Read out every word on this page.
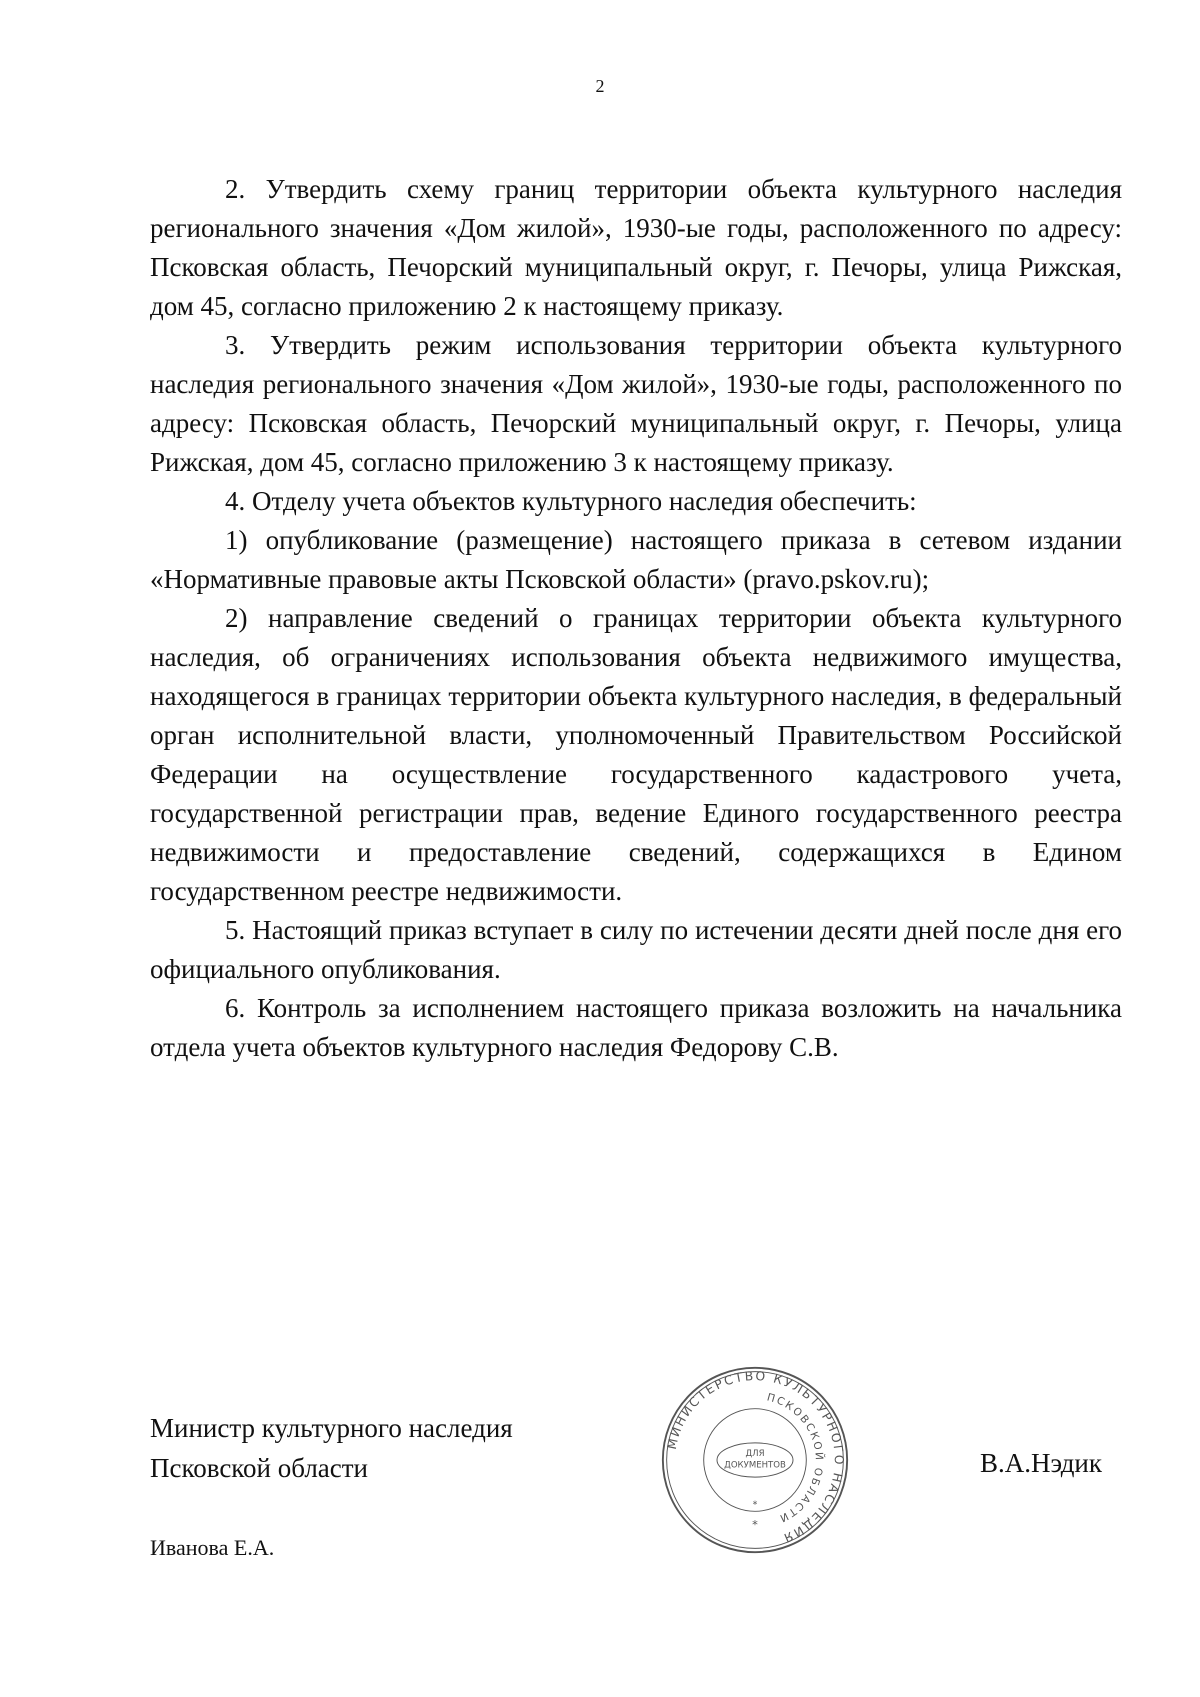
2

2. Утвердить схему границ территории объекта культурного наследия регионального значения «Дом жилой», 1930-ые годы, расположенного по адресу: Псковская область, Печорский муниципальный округ, г. Печоры, улица Рижская, дом 45, согласно приложению 2 к настоящему приказу.

3. Утвердить режим использования территории объекта культурного наследия регионального значения «Дом жилой», 1930-ые годы, расположенного по адресу: Псковская область, Печорский муниципальный округ, г. Печоры, улица Рижская, дом 45, согласно приложению 3 к настоящему приказу.

4. Отделу учета объектов культурного наследия обеспечить:

1) опубликование (размещение) настоящего приказа в сетевом издании «Нормативные правовые акты Псковской области» (pravo.pskov.ru);

2) направление сведений о границах территории объекта культурного наследия, об ограничениях использования объекта недвижимого имущества, находящегося в границах территории объекта культурного наследия, в федеральный орган исполнительной власти, уполномоченный Правительством Российской Федерации на осуществление государственного кадастрового учета, государственной регистрации прав, ведение Единого государственного реестра недвижимости и предоставление сведений, содержащихся в Едином государственном реестре недвижимости.

5. Настоящий приказ вступает в силу по истечении десяти дней после дня его официального опубликования.

6. Контроль за исполнением настоящего приказа возложить на начальника отдела учета объектов культурного наследия Федорову С.В.

Министр культурного наследия
Псковской области
МИНИСТЕРСТВО КУЛЬТУРНОГО НАСЛЕДИЯ
ПСКОВСКОЙ ОБЛАСТИ
ДЛЯ
ДОКУМЕНТОВ
*
*
В.А.Нэдик
Иванова Е.А.
